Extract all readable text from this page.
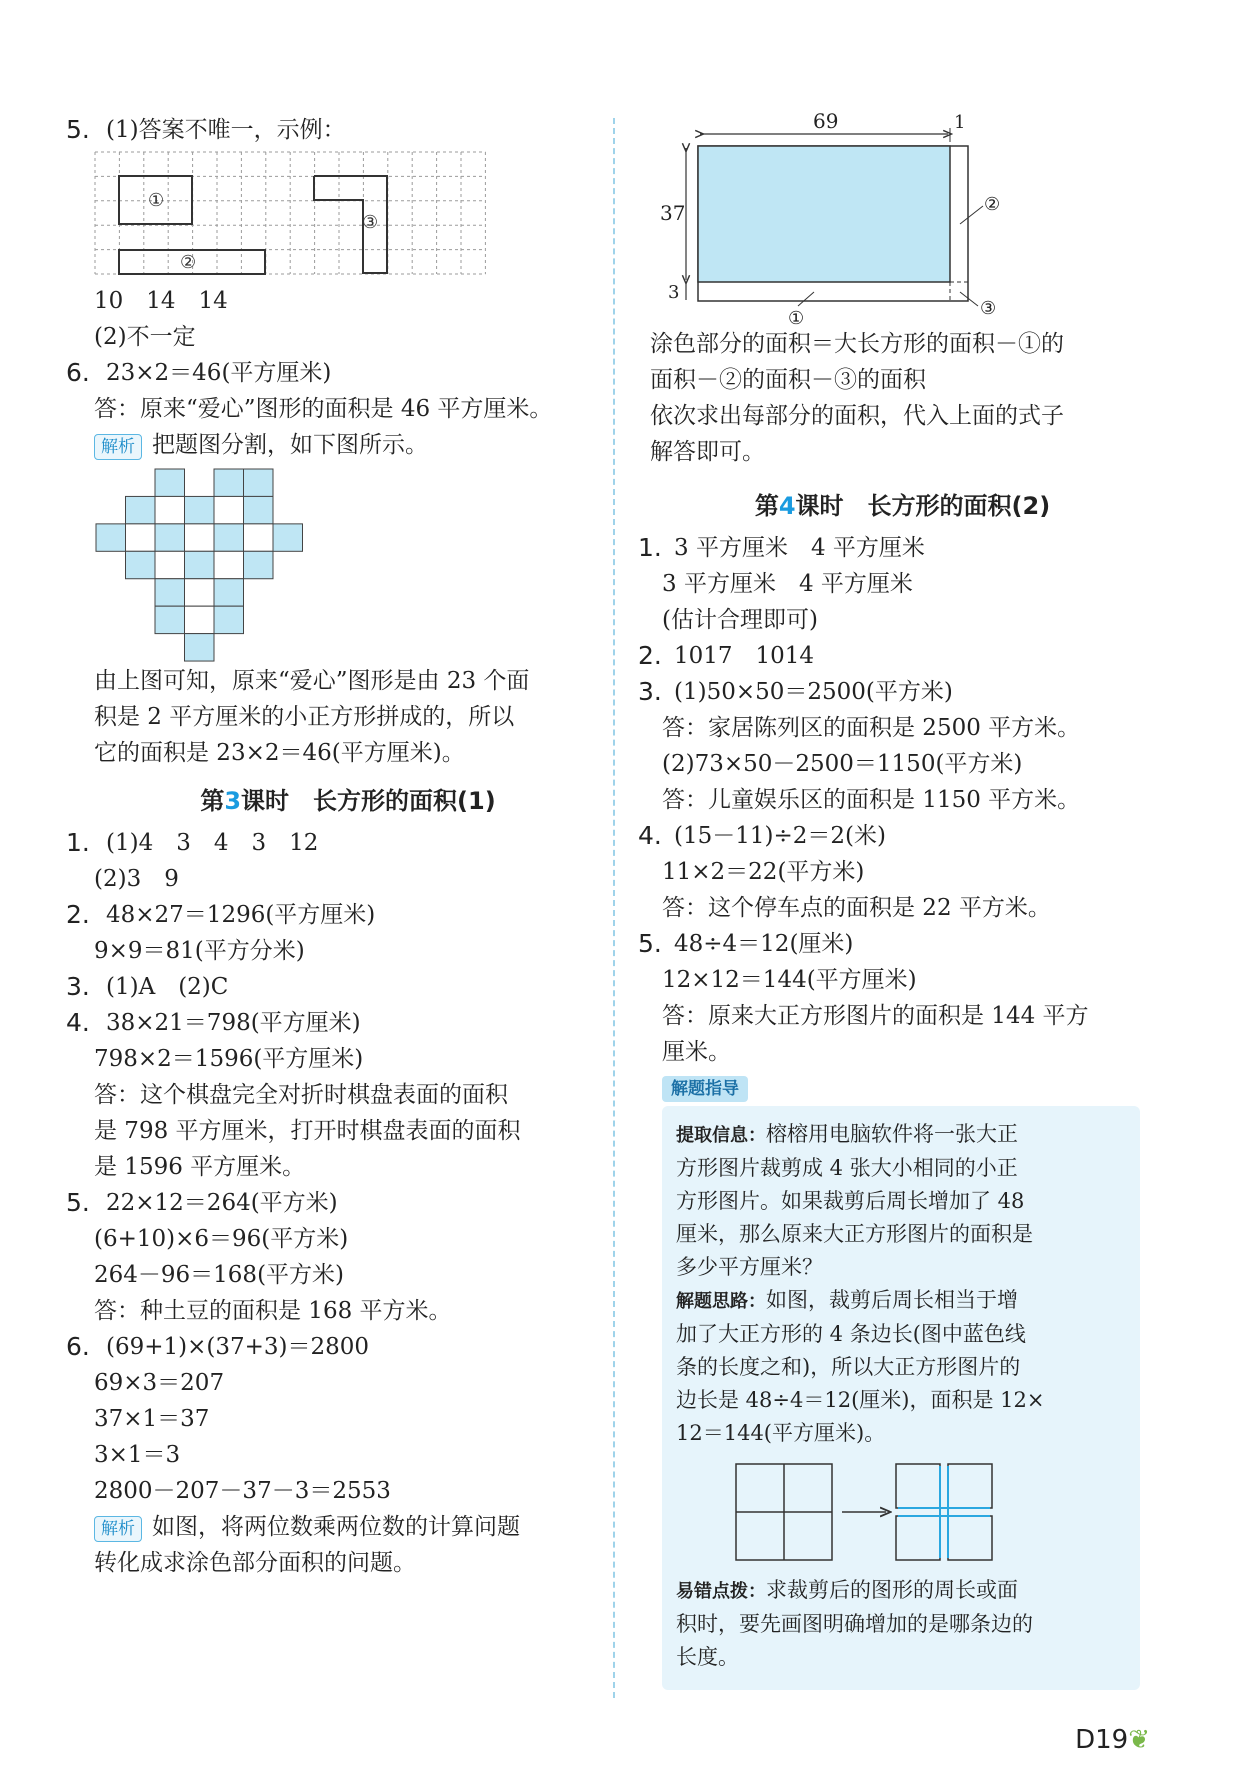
5. (1)答案不唯一，示例：
①
②
③
10　14　14
(2)不一定
6. 23×2＝46(平方厘米)
答：原来“爱心”图形的面积是 46 平方厘米。
解析 把题图分割，如下图所示。
由上图可知，原来“爱心”图形是由 23 个面
积是 2 平方厘米的小正方形拼成的，所以
它的面积是 23×2＝46(平方厘米)。
第3课时　长方形的面积(1)
1. (1)4　3　4　3　12
(2)3　9
2. 48×27＝1296(平方厘米)
9×9＝81(平方分米)
3. (1)A　(2)C
4. 38×21＝798(平方厘米)
798×2＝1596(平方厘米)
答：这个棋盘完全对折时棋盘表面的面积
是 798 平方厘米，打开时棋盘表面的面积
是 1596 平方厘米。
5. 22×12＝264(平方米)
(6+10)×6＝96(平方米)
264－96＝168(平方米)
答：种土豆的面积是 168 平方米。
6. (69+1)×(37+3)＝2800
69×3＝207
37×1＝37
3×1＝3
2800－207－37－3＝2553
解析 如图，将两位数乘两位数的计算问题
转化成求涂色部分面积的问题。
69	1
37
3
①
②
③
涂色部分的面积＝大长方形的面积－①的
面积－②的面积－③的面积
依次求出每部分的面积，代入上面的式子
解答即可。
第4课时　长方形的面积(2)
1. 3 平方厘米　4 平方厘米
3 平方厘米　4 平方厘米
(估计合理即可)
2. 1017　1014
3. (1)50×50＝2500(平方米)
答：家居陈列区的面积是 2500 平方米。
(2)73×50－2500＝1150(平方米)
答：儿童娱乐区的面积是 1150 平方米。
4. (15－11)÷2＝2(米)
11×2＝22(平方米)
答：这个停车点的面积是 22 平方米。
5. 48÷4＝12(厘米)
12×12＝144(平方厘米)
答：原来大正方形图片的面积是 144 平方
厘米。
解题指导
提取信息：榕榕用电脑软件将一张大正
方形图片裁剪成 4 张大小相同的小正
方形图片。如果裁剪后周长增加了 48
厘米，那么原来大正方形图片的面积是
多少平方厘米？
解题思路：如图，裁剪后周长相当于增
加了大正方形的 4 条边长(图中蓝色线
条的长度之和)，所以大正方形图片的
边长是 48÷4＝12(厘米)，面积是 12×
12＝144(平方厘米)。
易错点拨：求裁剪后的图形的周长或面
积时，要先画图明确增加的是哪条边的
长度。
D19❦
